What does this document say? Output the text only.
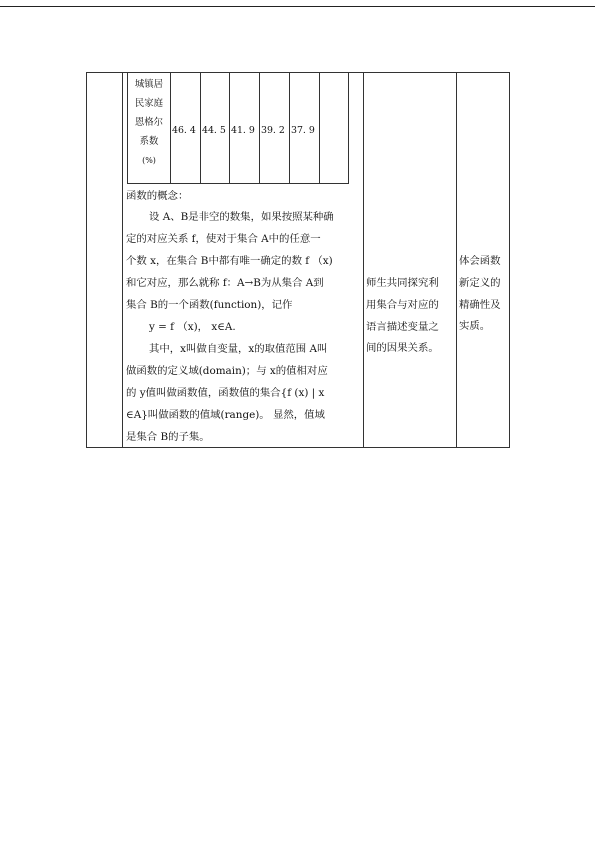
城镇居
民家庭
恩格尔
系数
(%)
46. 4 44. 5 41. 9 39. 2 37. 9
函数的概念：
设 A、B是非空的数集，如果按照某种确
定的对应关系 f，使对于集合 A中的任意一
个数 x，在集合 B中都有唯一确定的数 f （x)
和它对应，那么就称 f：A→B为从集合 A到
集合 B的一个函数(function)，记作
y = f （x)， x∈A.
其中，x叫做自变量，x的取值范围 A叫
做函数的定义域(domain)；与 x的值相对应
的 y值叫做函数值，函数值的集合{f (x) | x
∈A}叫做函数的值域(range)。 显然，值域
是集合 B的子集。
师生共同探究利
用集合与对应的
语言描述变量之
间的因果关系。
体会函数
新定义的
精确性及
实质。
